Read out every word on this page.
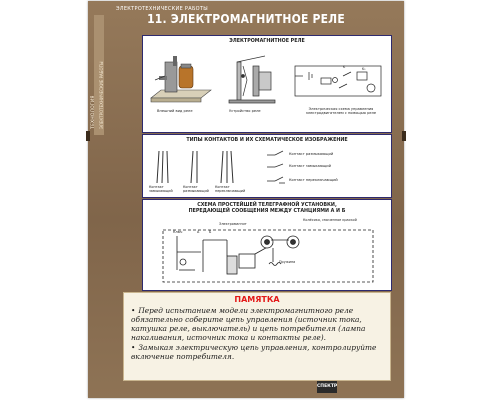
ТЕХНОЛОГИЯ ЭЛЕКТРОТЕХНИЧЕСКИЕ РАБОТЫ
ЭЛЕКТРОТЕХНИЧЕСКИЕ РАБОТЫ
11. ЭЛЕКТРОМАГНИТНОЕ РЕЛЕ
ЭЛЕКТРОМАГНИТНОЕ РЕЛЕ
K	K₁
Внешний вид реле	Устройство реле	Электрическая схема управления электродвигателем с помощью реле
ТИПЫ КОНТАКТОВ И ИХ СХЕМАТИЧЕСКОЕ ИЗОБРАЖЕНИЕ
Контакт замыкающий
Контакт размыкающий
Контакт переключающий
Контакт размыкающий
Контакт замыкающий
Контакт переключающий
СХЕМА ПРОСТЕЙШЕЙ ТЕЛЕГРАФНОЙ УСТАНОВКИ,
ПЕРЕДАЮЩЕЙ СООБЩЕНИЯ МЕЖДУ СТАНЦИЯМИ А И Б
Электромагнит
Ключ	А	Б
Колёсико, смоченное краской
Пружина
ПАМЯТКА

• Перед испытанием модели электромагнитного реле обязательно соберите цепь управления (источник тока, катушка реле, выключатель) и цепь потребителя (лампа накаливания, источник тока и контакты реле).

• Замыкая электрическую цепь управления, контролируйте включение потребителя.

СПЕКТР
